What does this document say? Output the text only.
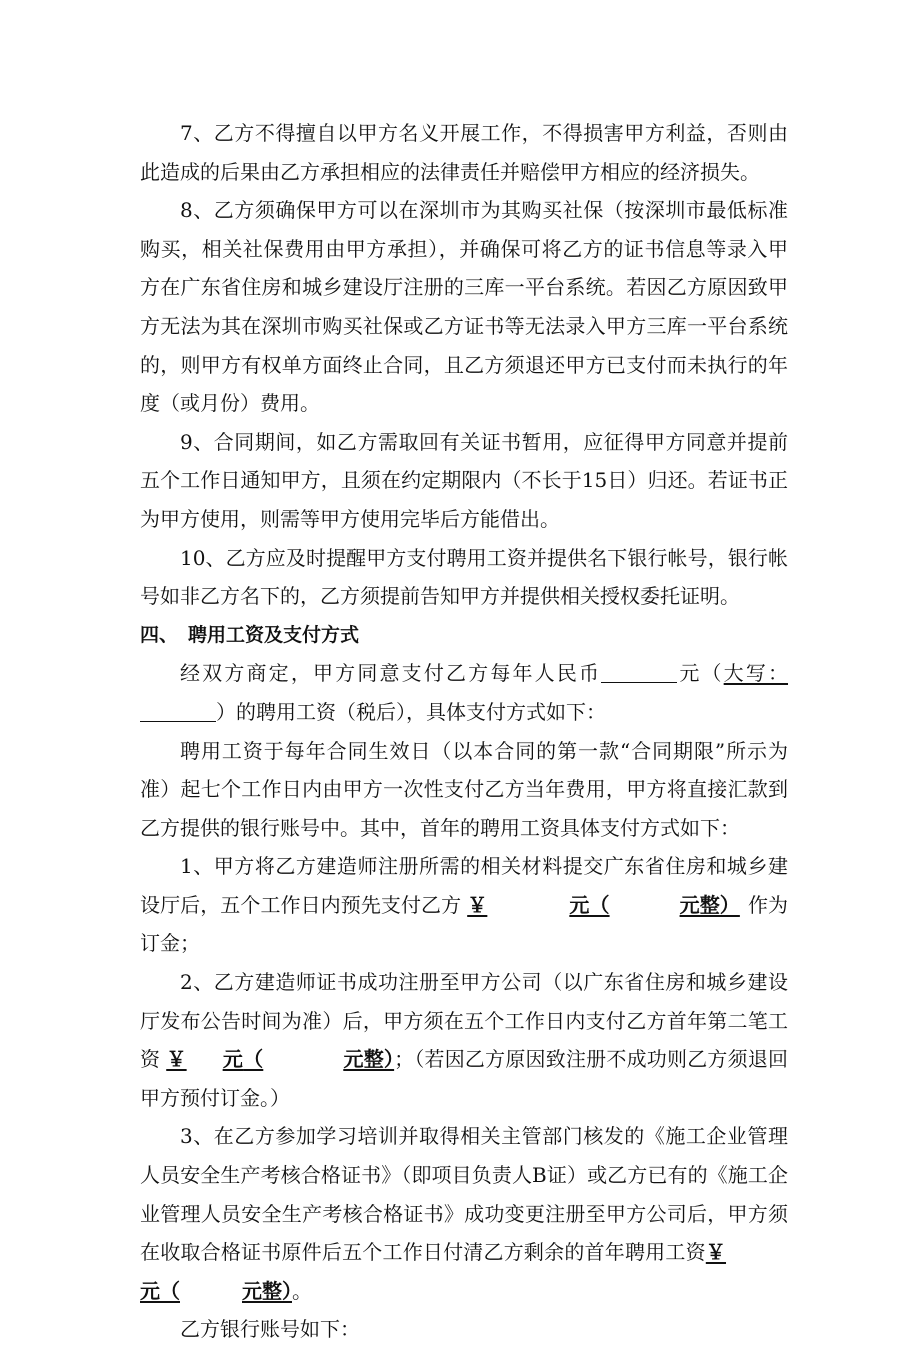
7、乙方不得擅自以甲方名义开展工作，不得损害甲方利益，否则由此造成的后果由乙方承担相应的法律责任并赔偿甲方相应的经济损失。

8、乙方须确保甲方可以在深圳市为其购买社保（按深圳市最低标准购买，相关社保费用由甲方承担），并确保可将乙方的证书信息等录入甲方在广东省住房和城乡建设厅注册的三库一平台系统。若因乙方原因致甲方无法为其在深圳市购买社保或乙方证书等无法录入甲方三库一平台系统的，则甲方有权单方面终止合同，且乙方须退还甲方已支付而未执行的年度（或月份）费用。

9、合同期间，如乙方需取回有关证书暂用，应征得甲方同意并提前五个工作日通知甲方，且须在约定期限内（不长于15日）归还。若证书正为甲方使用，则需等甲方使用完毕后方能借出。

10、乙方应及时提醒甲方支付聘用工资并提供名下银行帐号，银行帐号如非乙方名下的，乙方须提前告知甲方并提供相关授权委托证明。

四、 聘用工资及支付方式

经双方商定，甲方同意支付乙方每年人民币	元（大写：）的聘用工资（税后），具体支付方式如下：

聘用工资于每年合同生效日（以本合同的第一款“合同期限”所示为准）起七个工作日内由甲方一次性支付乙方当年费用，甲方将直接汇款到乙方提供的银行账号中。其中，首年的聘用工资具体支付方式如下：

1、甲方将乙方建造师注册所需的相关材料提交广东省住房和城乡建设厅后，五个工作日内预先支付乙方 ￥	元（	元整） 作为订金；

2、乙方建造师证书成功注册至甲方公司（以广东省住房和城乡建设厅发布公告时间为准）后，甲方须在五个工作日内支付乙方首年第二笔工资 ￥ 元（	元整）；（若因乙方原因致注册不成功则乙方须退回甲方预付订金。）

3、在乙方参加学习培训并取得相关主管部门核发的《施工企业管理人员安全生产考核合格证书》（即项目负责人B证）或乙方已有的《施工企业管理人员安全生产考核合格证书》成功变更注册至甲方公司后，甲方须在收取合格证书原件后五个工作日付清乙方剩余的首年聘用工资￥元（	元整）。

乙方银行账号如下：
